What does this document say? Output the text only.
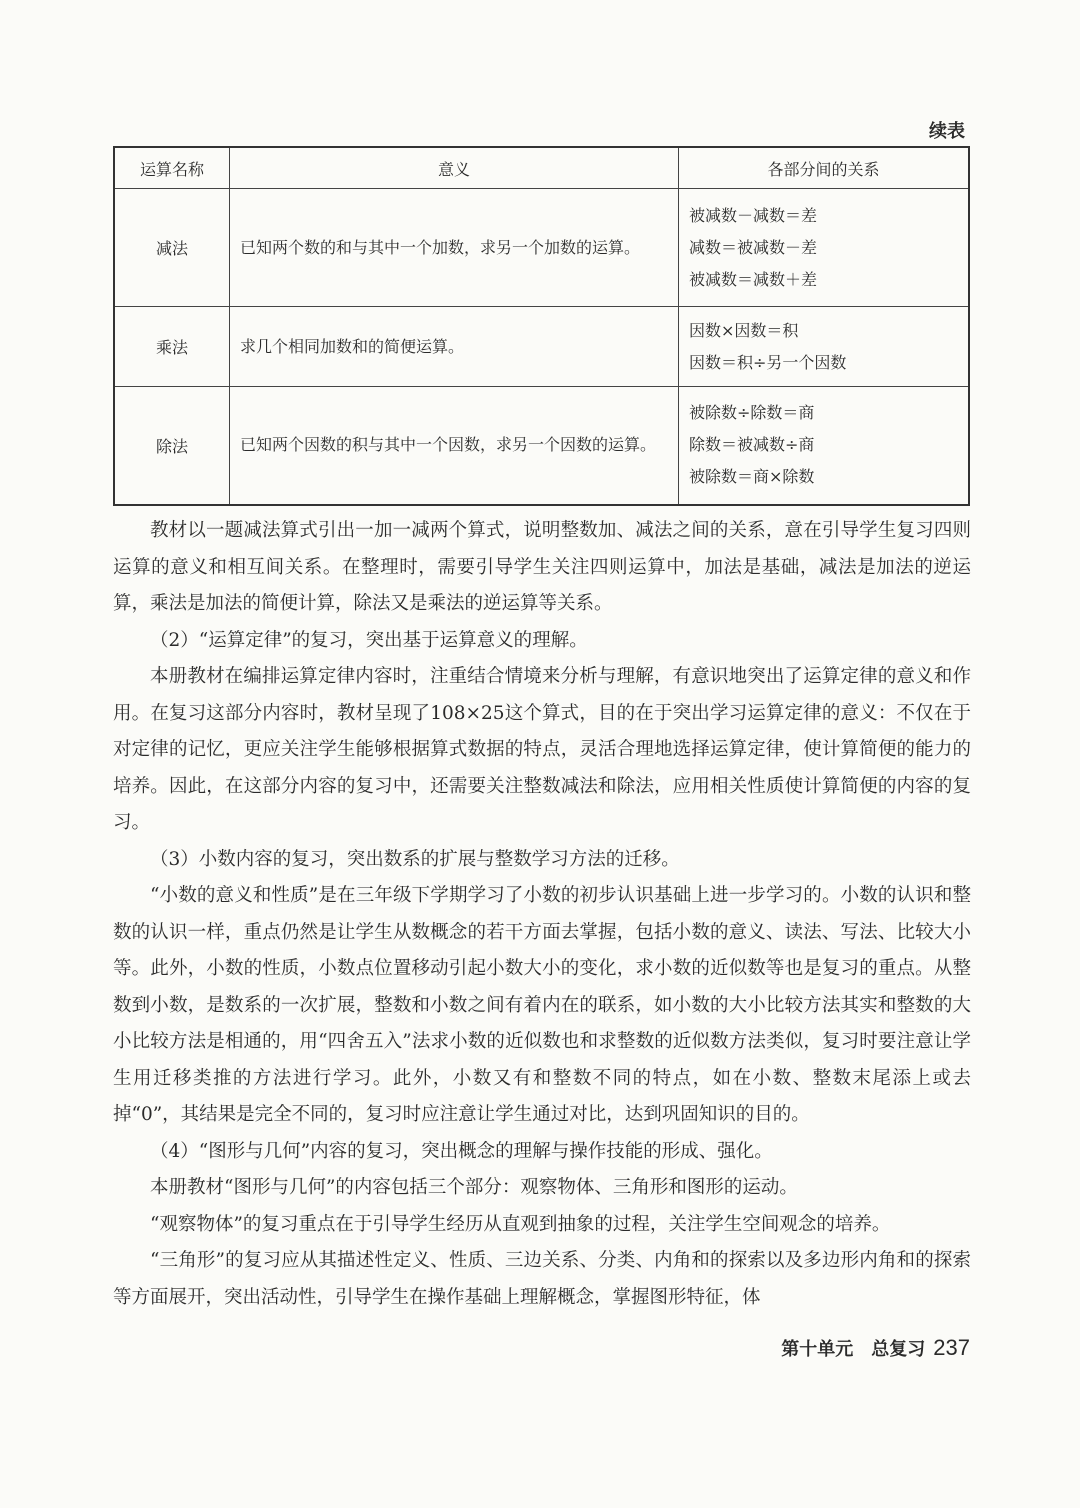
续表
运算名称	意义	各部分间的关系
减法	已知两个数的和与其中一个加数，求另一个加数的运算。	被减数－减数＝差
减数＝被减数－差
被减数＝减数＋差

乘法	求几个相同加数和的简便运算。	因数×因数＝积
因数＝积÷另一个因数

除法	已知两个因数的积与其中一个因数，求另一个因数的运算。	被除数÷除数＝商
除数＝被减数÷商
被除数＝商×除数

教材以一题减法算式引出一加一减两个算式，说明整数加、减法之间的关系，意在引导学生复习四则运算的意义和相互间关系。在整理时，需要引导学生关注四则运算中，加法是基础，减法是加法的逆运算，乘法是加法的简便计算，除法又是乘法的逆运算等关系。

（2）“运算定律”的复习，突出基于运算意义的理解。

本册教材在编排运算定律内容时，注重结合情境来分析与理解，有意识地突出了运算定律的意义和作用。在复习这部分内容时，教材呈现了108×25这个算式，目的在于突出学习运算定律的意义：不仅在于对定律的记忆，更应关注学生能够根据算式数据的特点，灵活合理地选择运算定律，使计算简便的能力的培养。因此，在这部分内容的复习中，还需要关注整数减法和除法，应用相关性质使计算简便的内容的复习。

（3）小数内容的复习，突出数系的扩展与整数学习方法的迁移。

“小数的意义和性质”是在三年级下学期学习了小数的初步认识基础上进一步学习的。小数的认识和整数的认识一样，重点仍然是让学生从数概念的若干方面去掌握，包括小数的意义、读法、写法、比较大小等。此外，小数的性质，小数点位置移动引起小数大小的变化，求小数的近似数等也是复习的重点。从整数到小数，是数系的一次扩展，整数和小数之间有着内在的联系，如小数的大小比较方法其实和整数的大小比较方法是相通的，用“四舍五入”法求小数的近似数也和求整数的近似数方法类似，复习时要注意让学生用迁移类推的方法进行学习。此外，小数又有和整数不同的特点，如在小数、整数末尾添上或去掉“0”，其结果是完全不同的，复习时应注意让学生通过对比，达到巩固知识的目的。

（4）“图形与几何”内容的复习，突出概念的理解与操作技能的形成、强化。

本册教材“图形与几何”的内容包括三个部分：观察物体、三角形和图形的运动。

“观察物体”的复习重点在于引导学生经历从直观到抽象的过程，关注学生空间观念的培养。

“三角形”的复习应从其描述性定义、性质、三边关系、分类、内角和的探索以及多边形内角和的探索等方面展开，突出活动性，引导学生在操作基础上理解概念，掌握图形特征，体

第十单元　总复习 237
